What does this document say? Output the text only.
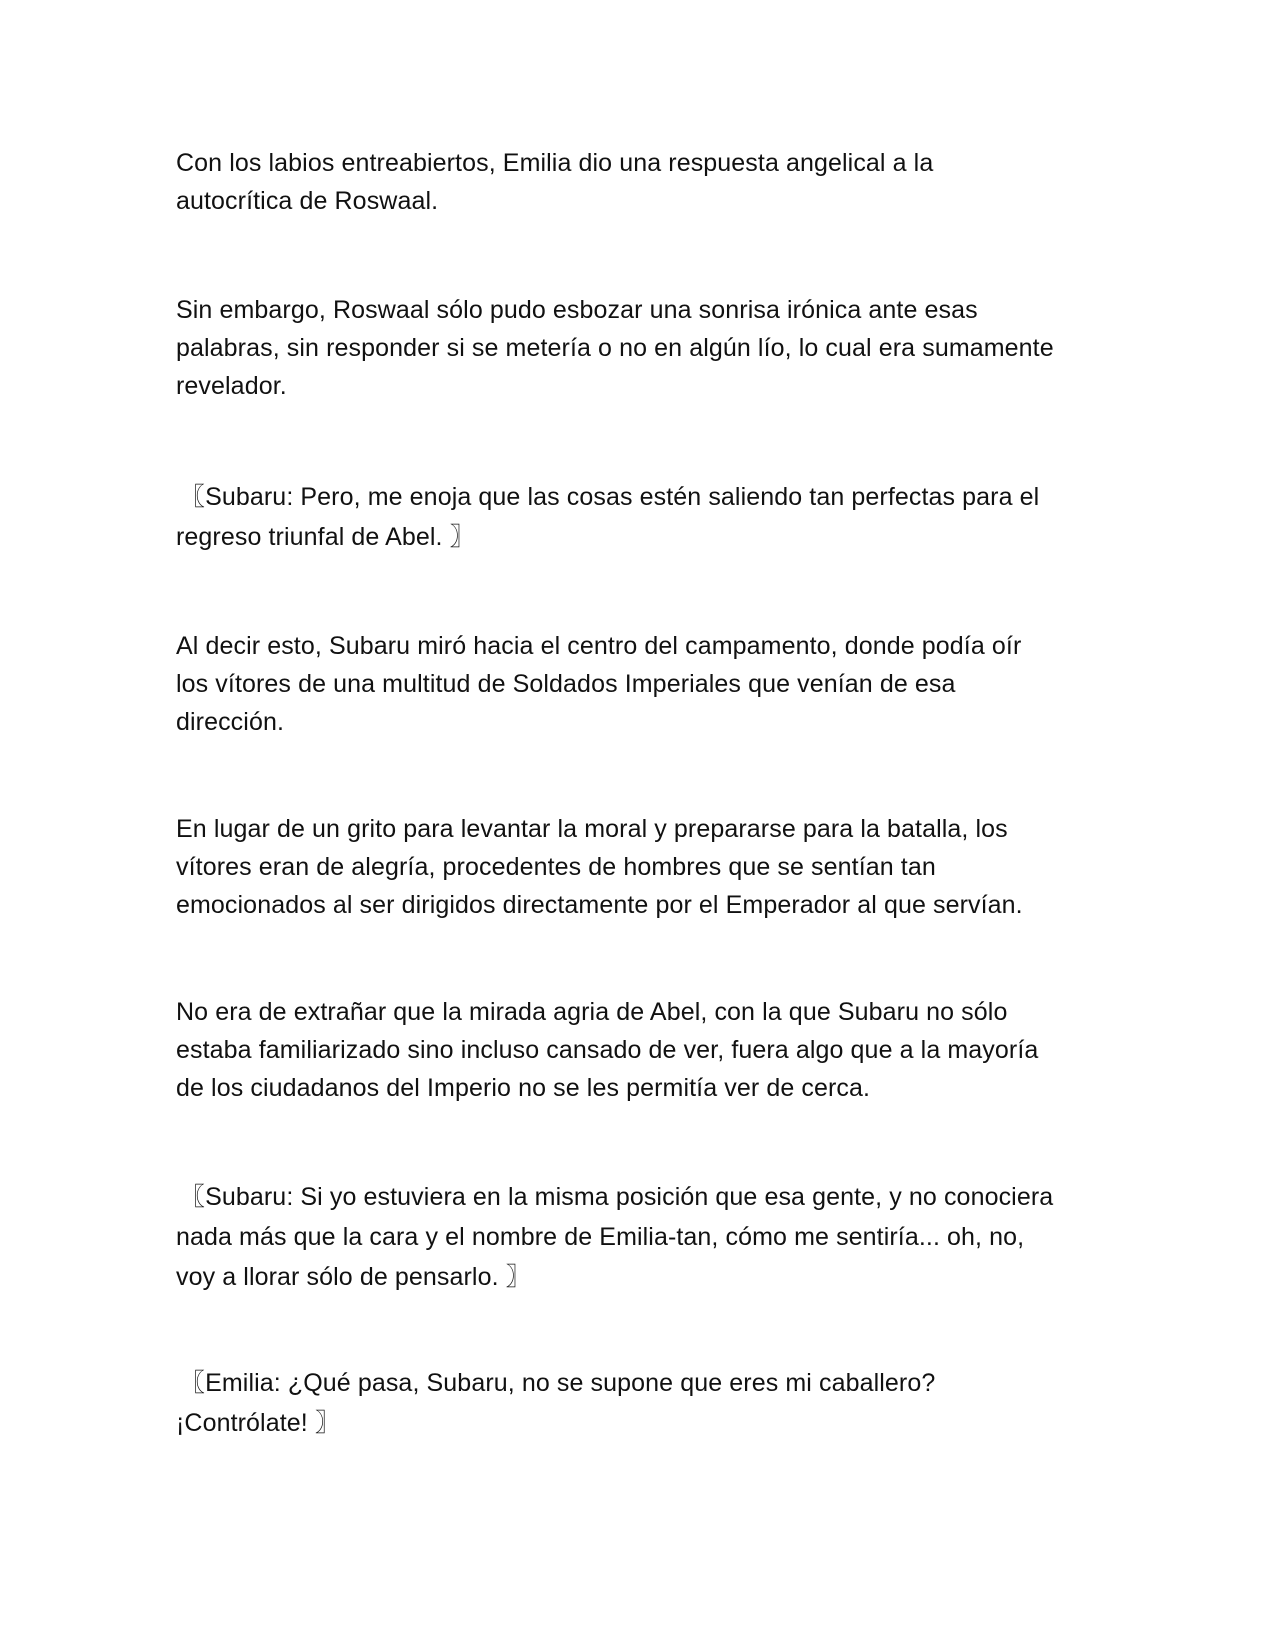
Con los labios entreabiertos, Emilia dio una respuesta angelical a la
autocrítica de Roswaal.

Sin embargo, Roswaal sólo pudo esbozar una sonrisa irónica ante esas
palabras, sin responder si se metería o no en algún lío, lo cual era sumamente
revelador.

〖Subaru: Pero, me enoja que las cosas estén saliendo tan perfectas para el
regreso triunfal de Abel. 〗

Al decir esto, Subaru miró hacia el centro del campamento, donde podía oír
los vítores de una multitud de Soldados Imperiales que venían de esa
dirección.

En lugar de un grito para levantar la moral y prepararse para la batalla, los
vítores eran de alegría, procedentes de hombres que se sentían tan
emocionados al ser dirigidos directamente por el Emperador al que servían.

No era de extrañar que la mirada agria de Abel, con la que Subaru no sólo
estaba familiarizado sino incluso cansado de ver, fuera algo que a la mayoría
de los ciudadanos del Imperio no se les permitía ver de cerca.

〖Subaru: Si yo estuviera en la misma posición que esa gente, y no conociera
nada más que la cara y el nombre de Emilia-tan, cómo me sentiría... oh, no,
voy a llorar sólo de pensarlo. 〗

〖Emilia: ¿Qué pasa, Subaru, no se supone que eres mi caballero?
¡Contrólate! 〗
